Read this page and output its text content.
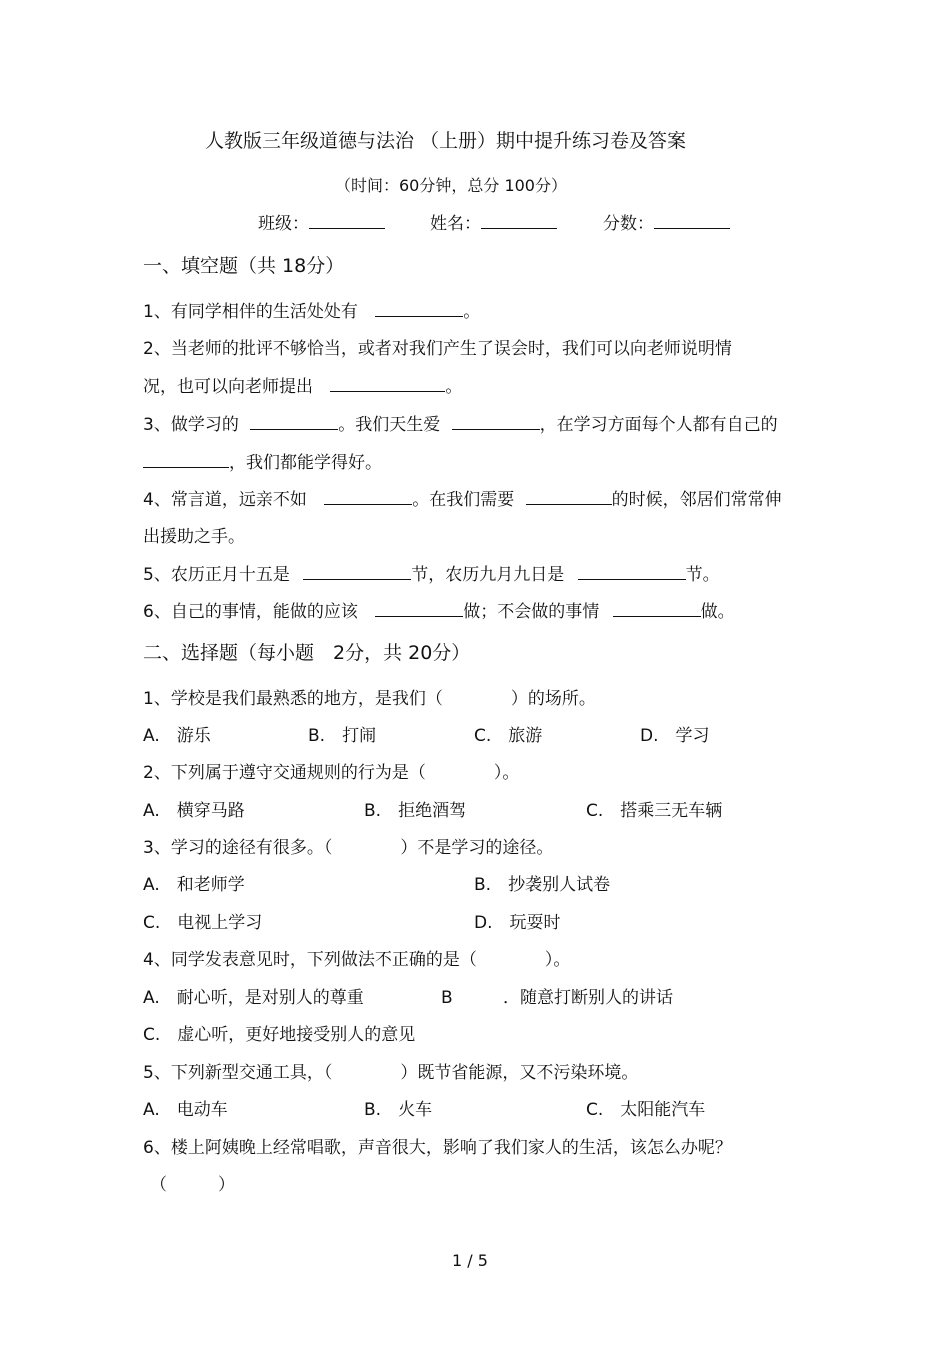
人教版三年级道德与法治 （上册）期中提升练习卷及答案
（时间：60分钟，总分 100分）
班级：	姓名：	分数：
一、填空题（共 18分）
1、有同学相伴的生活处处有	。
2、当老师的批评不够恰当，或者对我们产生了误会时，我们可以向老师说明情
况，也可以向老师提出	。
3、做学习的	。我们天生爱	，在学习方面每个人都有自己的
，我们都能学得好。
4、常言道，远亲不如	。在我们需要	的时候，邻居们常常伸
出援助之手。
5、农历正月十五是	节，农历九月九日是	节。
6、自己的事情，能做的应该	做；不会做的事情	做。
二、选择题（每小题　2分，共 20分）
1、学校是我们最熟悉的地方，是我们（　　　　）的场所。
A.　游乐	B.　打闹	C.　旅游	D.　学习
2、下列属于遵守交通规则的行为是（　　　　）。
A.　横穿马路	B.　拒绝酒驾	C.　搭乘三无车辆
3、学习的途径有很多。（　　　　）不是学习的途径。
A.　和老师学	B.　抄袭别人试卷
C.　电视上学习	D.　玩耍时
4、同学发表意见时，下列做法不正确的是（　　　　）。
A.　耐心听，是对别人的尊重	B	．随意打断别人的讲话
C.　虚心听，更好地接受别人的意见
5、下列新型交通工具，（　　　　）既节省能源，又不污染环境。
A.　电动车	B.　火车	C.　太阳能汽车
6、楼上阿姨晚上经常唱歌，声音很大，影响了我们家人的生活，该怎么办呢？
（　　　）
1 / 5
